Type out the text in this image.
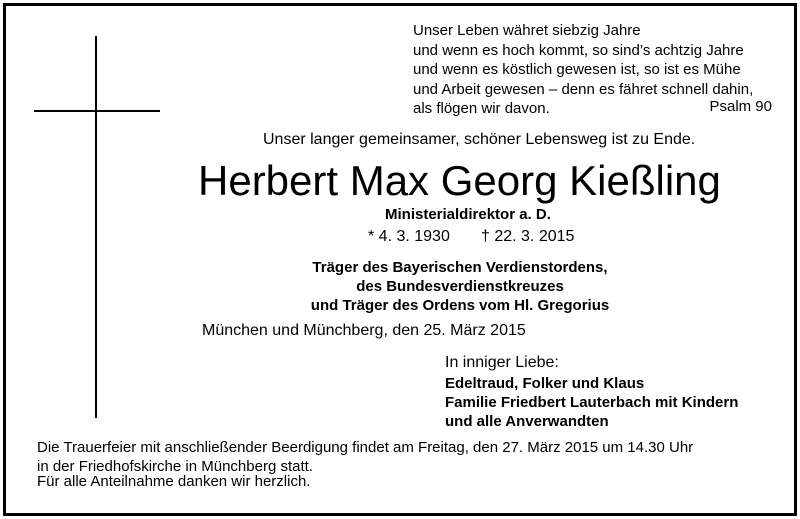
Unser Leben währet siebzig Jahre
und wenn es hoch kommt, so sind’s achtzig Jahre
und wenn es köstlich gewesen ist, so ist es Mühe
und Arbeit gewesen – denn es fähret schnell dahin,
als flögen wir davon.	Psalm 90
Unser langer gemeinsamer, schöner Lebensweg ist zu Ende.
Herbert Max Georg Kießling
Ministerialdirektor a. D.
* 4. 3. 1930 † 22. 3. 2015
Träger des Bayerischen Verdienstordens,
des Bundesverdienstkreuzes
und Träger des Ordens vom Hl. Gregorius
München und Münchberg, den 25. März 2015
In inniger Liebe:
Edeltraud, Folker und Klaus
Familie Friedbert Lauterbach mit Kindern
und alle Anverwandten
Die Trauerfeier mit anschließender Beerdigung findet am Freitag, den 27. März 2015 um 14.30 Uhr
in der Friedhofskirche in Münchberg statt.
Für alle Anteilnahme danken wir herzlich.
